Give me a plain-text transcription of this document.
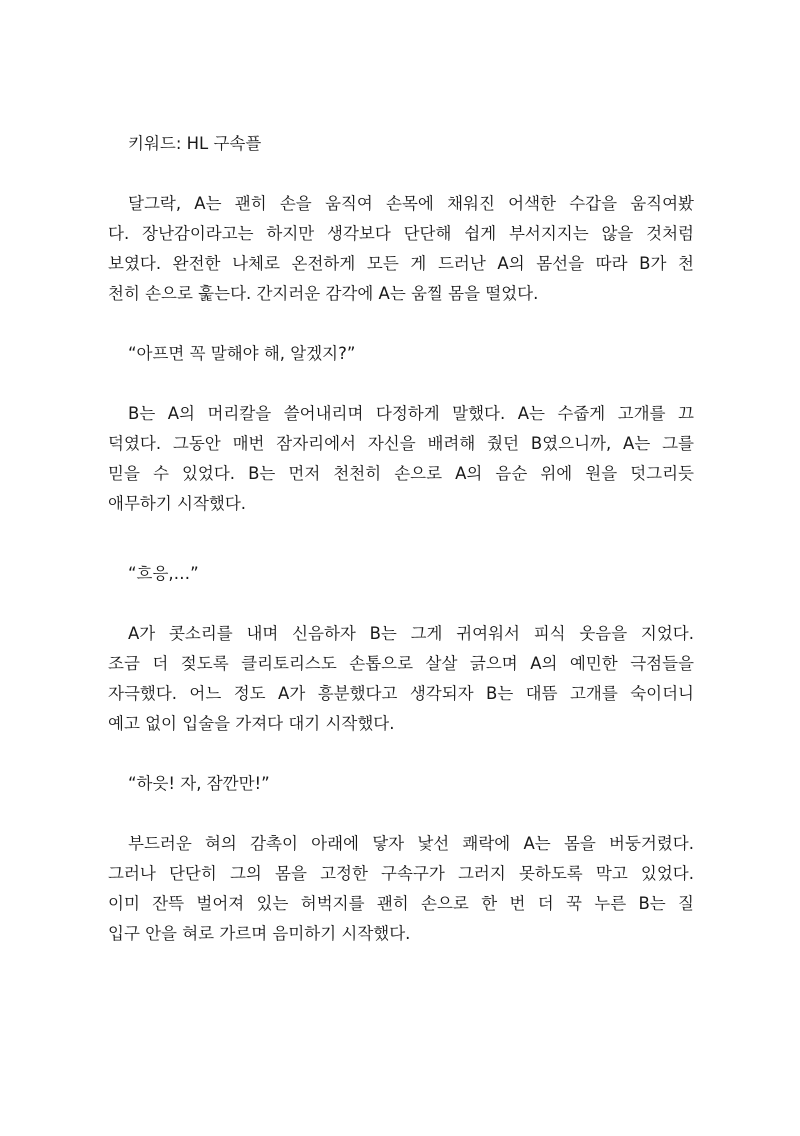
키워드: HL 구속플
달그락, A는 괜히 손을 움직여 손목에 채워진 어색한 수갑을 움직여봤
다. 장난감이라고는 하지만 생각보다 단단해 쉽게 부서지지는 않을 것처럼
보였다. 완전한 나체로 온전하게 모든 게 드러난 A의 몸선을 따라 B가 천
천히 손으로 훑는다. 간지러운 감각에 A는 움찔 몸을 떨었다.
“아프면 꼭 말해야 해, 알겠지?”
B는 A의 머리칼을 쓸어내리며 다정하게 말했다. A는 수줍게 고개를 끄
덕였다. 그동안 매번 잠자리에서 자신을 배려해 줬던 B였으니까, A는 그를
믿을 수 있었다. B는 먼저 천천히 손으로 A의 음순 위에 원을 덧그리듯
애무하기 시작했다.
“흐응,…”
A가 콧소리를 내며 신음하자 B는 그게 귀여워서 피식 웃음을 지었다.
조금 더 젖도록 클리토리스도 손톱으로 살살 긁으며 A의 예민한 극점들을
자극했다. 어느 정도 A가 흥분했다고 생각되자 B는 대뜸 고개를 숙이더니
예고 없이 입술을 가져다 대기 시작했다.
“하읏! 자, 잠깐만!”
부드러운 혀의 감촉이 아래에 닿자 낯선 쾌락에 A는 몸을 버둥거렸다.
그러나 단단히 그의 몸을 고정한 구속구가 그러지 못하도록 막고 있었다.
이미 잔뜩 벌어져 있는 허벅지를 괜히 손으로 한 번 더 꾹 누른 B는 질
입구 안을 혀로 가르며 음미하기 시작했다.
